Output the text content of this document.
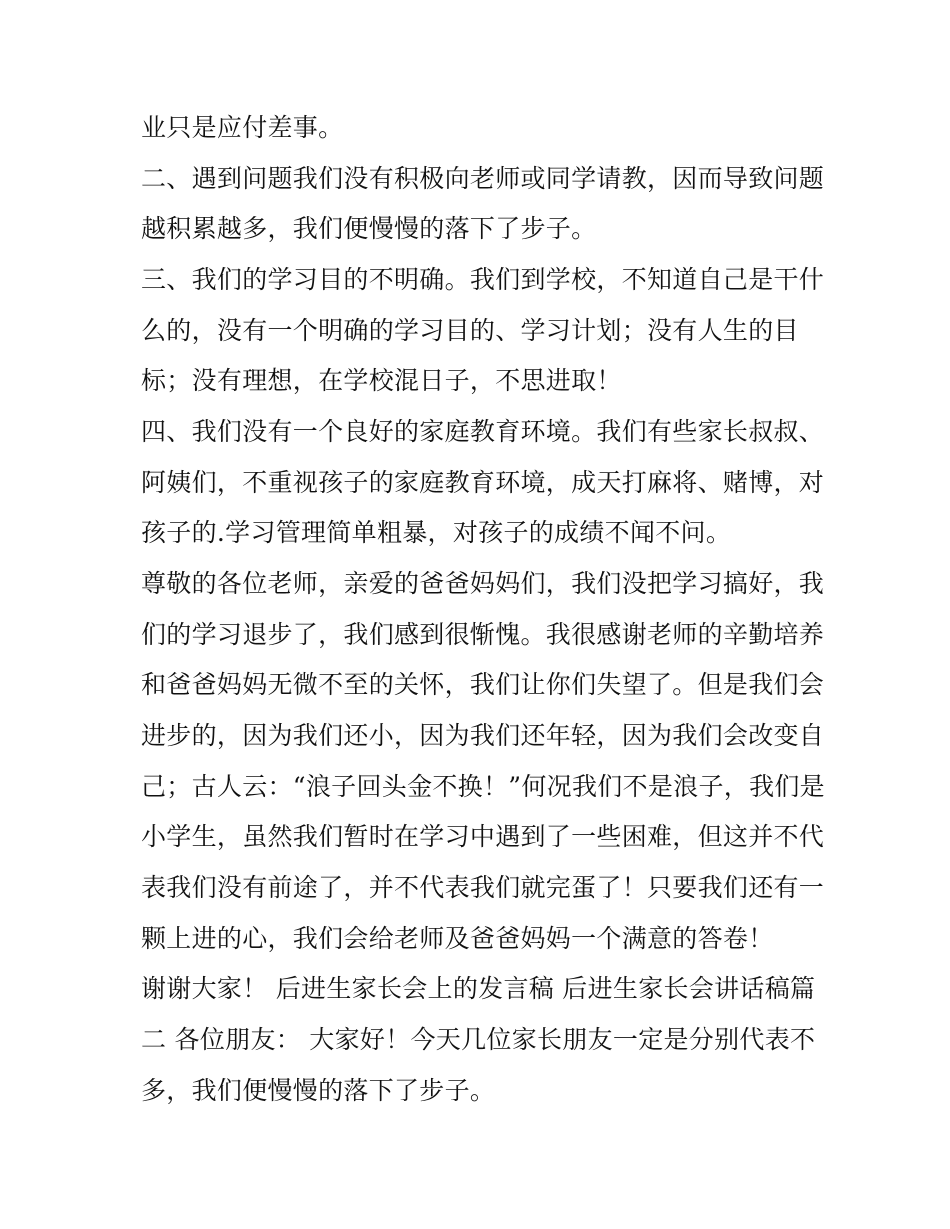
业只是应付差事。
二、遇到问题我们没有积极向老师或同学请教，因而导致问题
越积累越多，我们便慢慢的落下了步子。
三、我们的学习目的不明确。我们到学校，不知道自己是干什
么的，没有一个明确的学习目的、学习计划；没有人生的目
标；没有理想，在学校混日子，不思进取！
四、我们没有一个良好的家庭教育环境。我们有些家长叔叔、
阿姨们，不重视孩子的家庭教育环境，成天打麻将、赌博，对
孩子的.学习管理简单粗暴，对孩子的成绩不闻不问。
尊敬的各位老师，亲爱的爸爸妈妈们，我们没把学习搞好，我
们的学习退步了，我们感到很惭愧。我很感谢老师的辛勤培养
和爸爸妈妈无微不至的关怀，我们让你们失望了。但是我们会
进步的，因为我们还小，因为我们还年轻，因为我们会改变自
己；古人云：“浪子回头金不换！”何况我们不是浪子，我们是
小学生，虽然我们暂时在学习中遇到了一些困难，但这并不代
表我们没有前途了，并不代表我们就完蛋了！只要我们还有一
颗上进的心，我们会给老师及爸爸妈妈一个满意的答卷！
谢谢大家！ 后进生家长会上的发言稿 后进生家长会讲话稿篇
二 各位朋友： 大家好！今天几位家长朋友一定是分别代表不
多，我们便慢慢的落下了步子。
